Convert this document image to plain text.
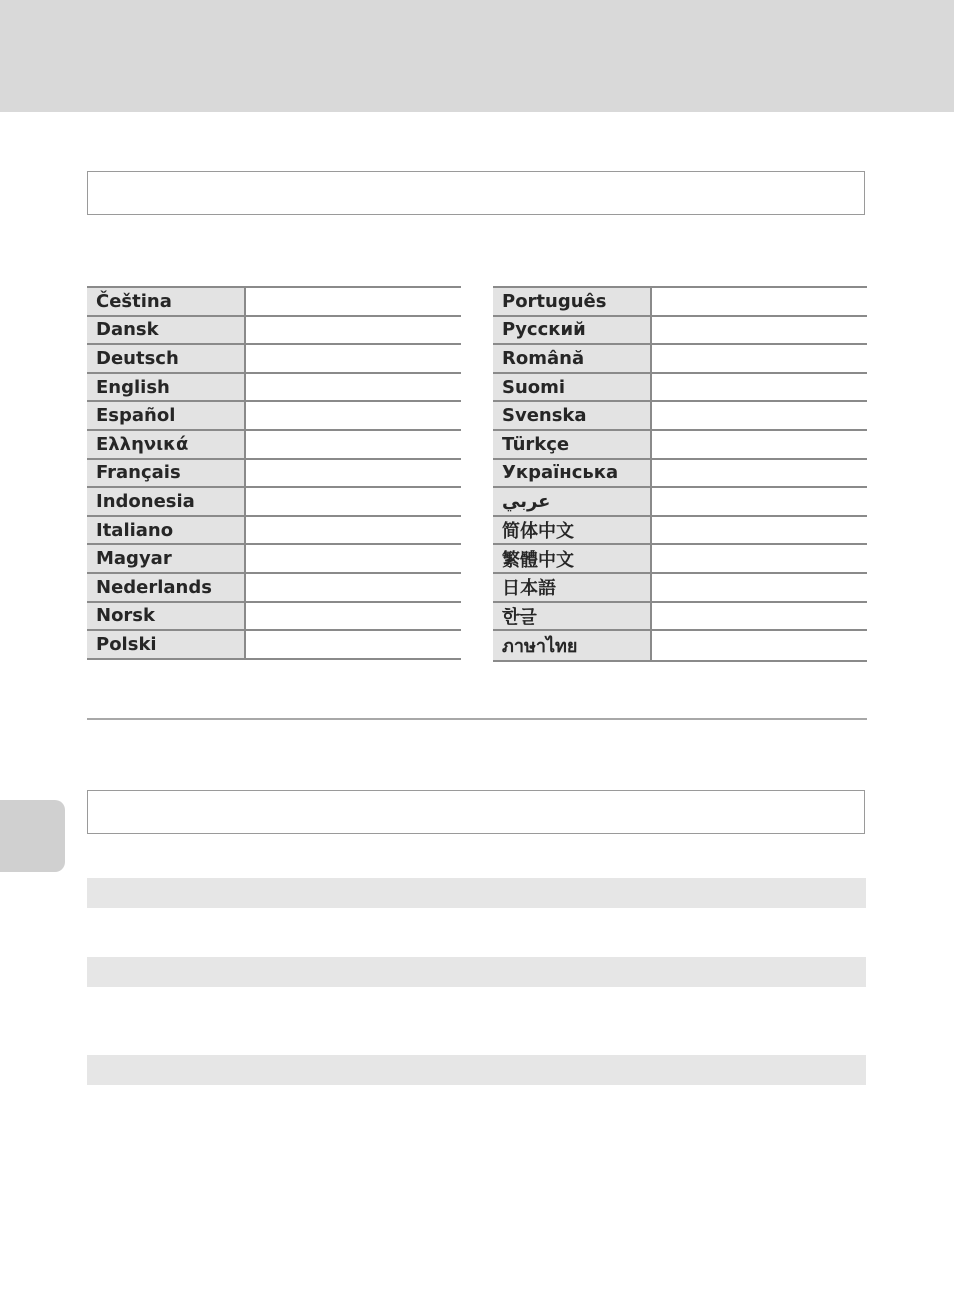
Čeština	
Dansk	
Deutsch	
English	
Español	
Ελληνικά	
Français	
Indonesia	
Italiano	
Magyar	
Nederlands	
Norsk	
Polski	
Português	
Русский	
Română	
Suomi	
Svenska	
Türkçe	
Українська	
عربي	
简体中文	
繁體中文	
日本語	
한글	
ภาษาไทย	
